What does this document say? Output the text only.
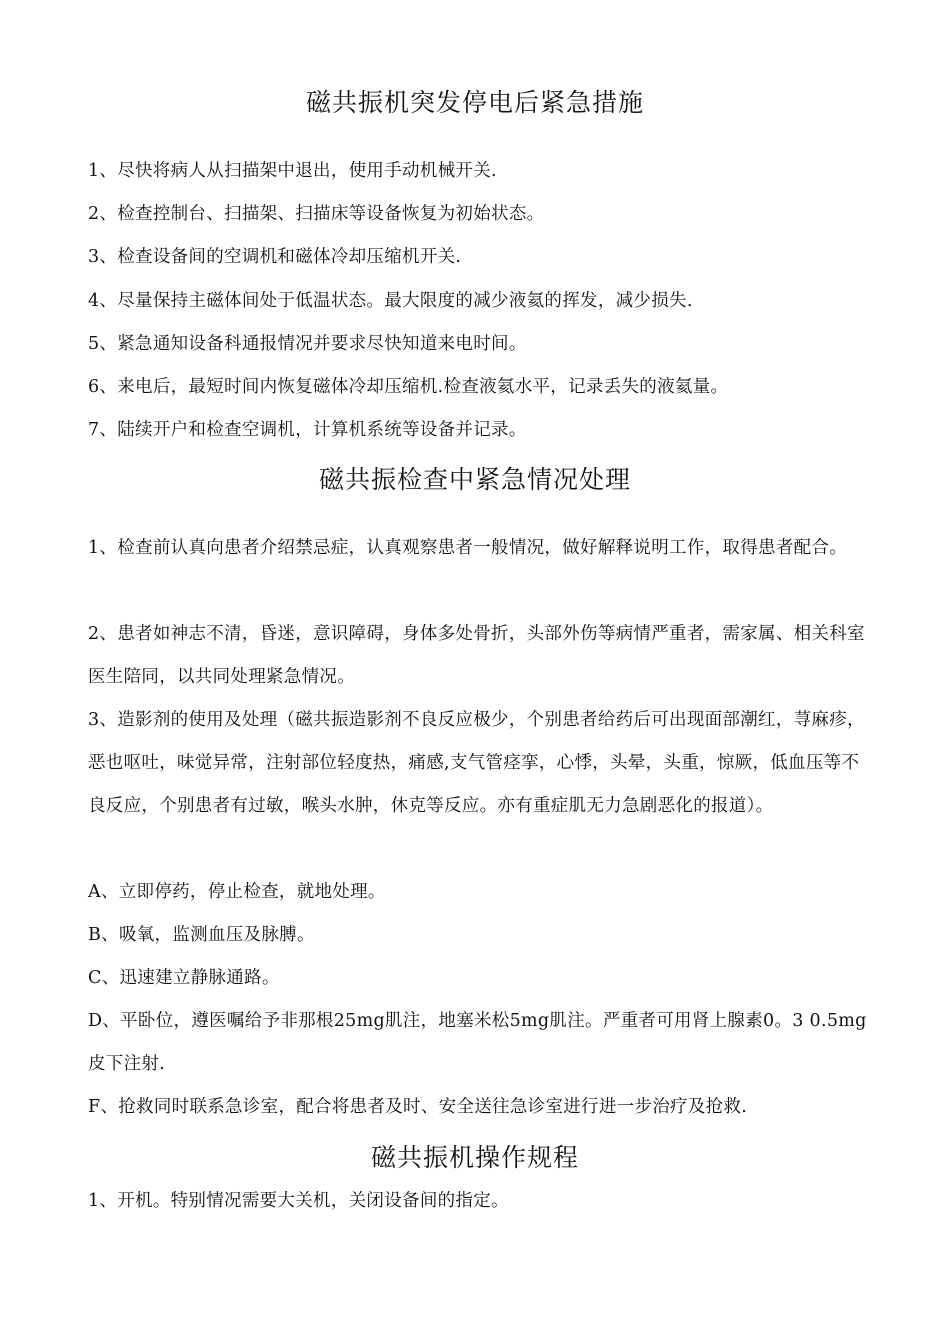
磁共振机突发停电后紧急措施

1、尽快将病人从扫描架中退出，使用手动机械开关.

2、检查控制台、扫描架、扫描床等设备恢复为初始状态。

3、检查设备间的空调机和磁体冷却压缩机开关.

4、尽量保持主磁体间处于低温状态。最大限度的减少液氦的挥发，减少损失.

5、紧急通知设备科通报情况并要求尽快知道来电时间。

6、来电后，最短时间内恢复磁体冷却压缩机.检查液氦水平，记录丢失的液氦量。

7、陆续开户和检查空调机，计算机系统等设备并记录。

磁共振检查中紧急情况处理

1、检查前认真向患者介绍禁忌症，认真观察患者一般情况，做好解释说明工作，取得患者配合。

2、患者如神志不清，昏迷，意识障碍，身体多处骨折，头部外伤等病情严重者，需家属、相关科室医生陪同，以共同处理紧急情况。

3、造影剂的使用及处理（磁共振造影剂不良反应极少，个别患者给药后可出现面部潮红，荨麻疹，恶也呕吐，味觉异常，注射部位轻度热，痛感,支气管痉挛，心悸，头晕，头重，惊厥，低血压等不良反应，个别患者有过敏，喉头水肿，休克等反应。亦有重症肌无力急剧恶化的报道）。

A、立即停药，停止检查，就地处理。

B、吸氧，监测血压及脉膊。

C、迅速建立静脉通路。

D、平卧位，遵医嘱给予非那根25mg肌注，地塞米松5mg肌注。严重者可用肾上腺素0。3 0.5mg皮下注射.

F、抢救同时联系急诊室，配合将患者及时、安全送往急诊室进行进一步治疗及抢救.

磁共振机操作规程

1、开机。特别情况需要大关机，关闭设备间的指定。
